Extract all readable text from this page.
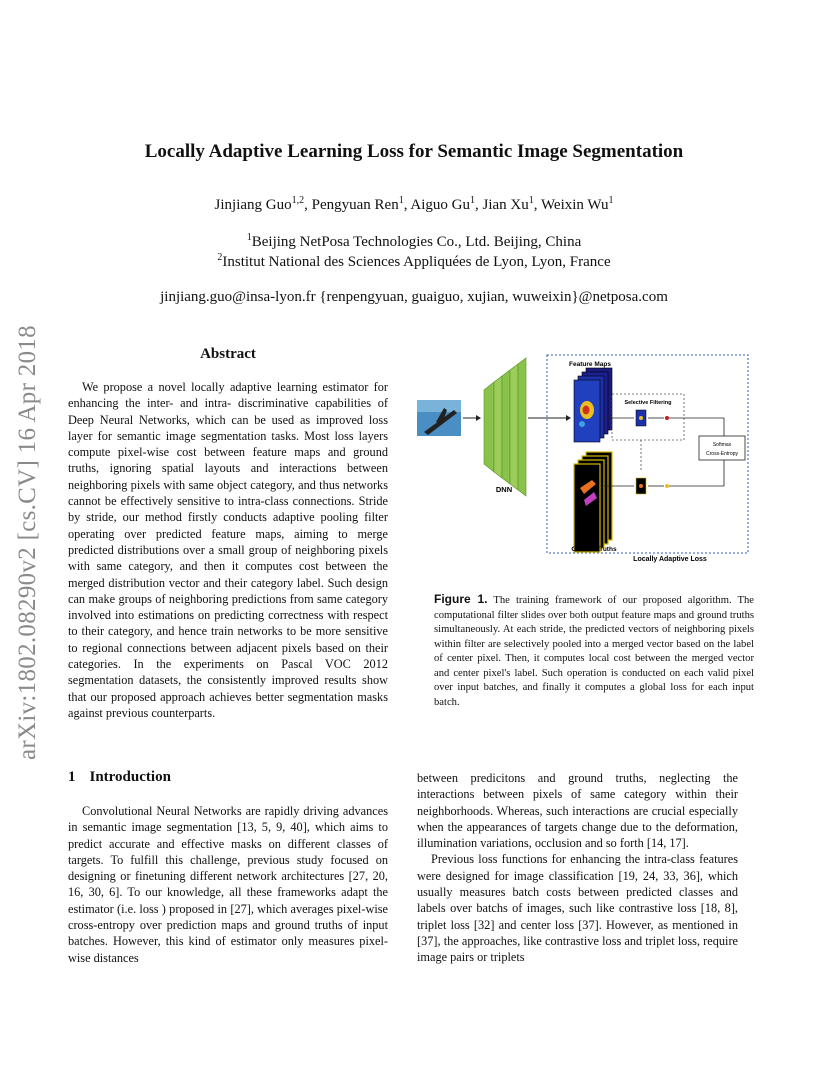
arXiv:1802.08290v2 [cs.CV] 16 Apr 2018
Locally Adaptive Learning Loss for Semantic Image Segmentation
Jinjiang Guo$^{1,2}$, Pengyuan Ren$^1$, Aiguo Gu$^1$, Jian Xu$^1$, Weixin Wu$^1$
$^1$Beijing NetPosa Technologies Co., Ltd. Beijing, China
$^2$Institut National des Sciences Appliquées de Lyon, Lyon, France
jinjiang.guo@insa-lyon.fr {renpengyuan, guaiguo, xujian, wuweixin}@netposa.com
Abstract

We propose a novel locally adaptive learning estimator for enhancing the inter- and intra- discriminative capabilities of Deep Neural Networks, which can be used as improved loss layer for semantic image segmentation tasks. Most loss layers compute pixel-wise cost between feature maps and ground truths, ignoring spatial layouts and interactions between neighboring pixels with same object category, and thus networks cannot be effectively sensitive to intra-class connections. Stride by stride, our method firstly conducts adaptive pooling filter operating over predicted feature maps, aiming to merge predicted distributions over a small group of neighboring pixels with same category, and then it computes cost between the merged distribution vector and their category label. Such design can make groups of neighboring predictions from same category involved into estimations on predicting correctness with respect to their category, and hence train networks to be more sensitive to regional connections between adjacent pixels based on their categories. In the experiments on Pascal VOC 2012 segmentation datasets, the consistently improved results show that our proposed approach achieves better segmentation masks against previous counterparts.

DNN
Feature Maps
Selective Filtering
Softmax
Cross-Entropy
Ground Truths
Locally Adaptive Loss
Figure 1. The training framework of our proposed algorithm. The computational filter slides over both output feature maps and ground truths simultaneously. At each stride, the predicted vectors of neighboring pixels within filter are selectively pooled into a merged vector based on the label of center pixel. Then, it computes local cost between the merged vector and center pixel's label. Such operation is conducted on each valid pixel over input batches, and finally it computes a global loss for each input batch.
1 Introduction

Convolutional Neural Networks are rapidly driving advances in semantic image segmentation [13, 5, 9, 40], which aims to predict accurate and effective masks on different classes of targets. To fulfill this challenge, previous study focused on designing or finetuning different network architectures [27, 20, 16, 30, 6]. To our knowledge, all these frameworks adapt the estimator (i.e. loss ) proposed in [27], which averages pixel-wise cross-entropy over prediction maps and ground truths of input batches. However, this kind of estimator only measures pixel-wise distances

between predicitons and ground truths, neglecting the interactions between pixels of same category within their neighborhoods. Whereas, such interactions are crucial especially when the appearances of targets change due to the deformation, illumination variations, occlusion and so forth [14, 17].

Previous loss functions for enhancing the intra-class features were designed for image classification [19, 24, 33, 36], which usually measures batch costs between predicted classes and labels over batchs of images, such like contrastive loss [18, 8], triplet loss [32] and center loss [37]. However, as mentioned in [37], the approaches, like contrastive loss and triplet loss, require image pairs or triplets
